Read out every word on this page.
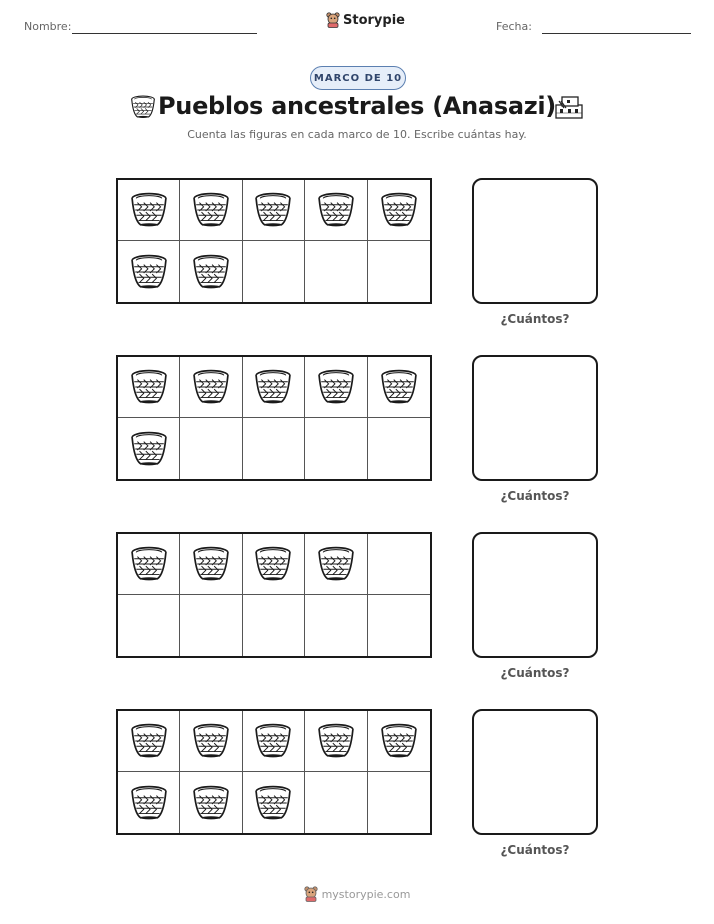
Nombre:	Storypie	Fecha:
MARCO DE 10
Pueblos ancestrales (Anasazi)
Cuenta las figuras en cada marco de 10. Escribe cuántas hay.
¿Cuántos?
¿Cuántos?
¿Cuántos?
¿Cuántos?
mystorypie.com
